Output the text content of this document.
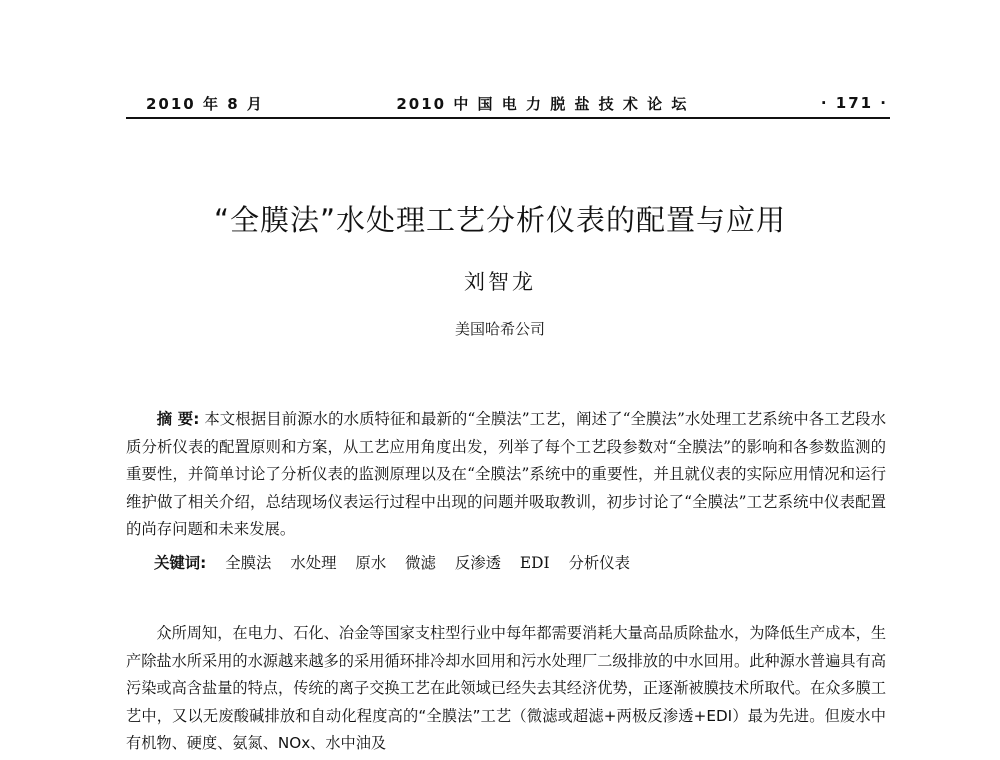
2010 年 8 月	2010 中 国 电 力 脱 盐 技 术 论 坛	· 171 ·
“全膜法”水处理工艺分析仪表的配置与应用
刘智龙
美国哈希公司
摘 要: 本文根据目前源水的水质特征和最新的“全膜法”工艺，阐述了“全膜法”水处理工艺系统中各工艺段水质分析仪表的配置原则和方案，从工艺应用角度出发，列举了每个工艺段参数对“全膜法”的影响和各参数监测的重要性，并简单讨论了分析仪表的监测原理以及在“全膜法”系统中的重要性，并且就仪表的实际应用情况和运行维护做了相关介绍，总结现场仪表运行过程中出现的问题并吸取教训，初步讨论了“全膜法”工艺系统中仪表配置的尚存问题和未来发展。
关键词: 全膜法 水处理 原水 微滤 反渗透 EDI 分析仪表
众所周知，在电力、石化、冶金等国家支柱型行业中每年都需要消耗大量高品质除盐水，为降低生产成本，生产除盐水所采用的水源越来越多的采用循环排冷却水回用和污水处理厂二级排放的中水回用。此种源水普遍具有高污染或高含盐量的特点，传统的离子交换工艺在此领域已经失去其经济优势，正逐渐被膜技术所取代。在众多膜工艺中，又以无废酸碱排放和自动化程度高的“全膜法”工艺（微滤或超滤+两极反渗透+EDI）最为先进。但废水中有机物、硬度、氨氮、NOx、水中油及
